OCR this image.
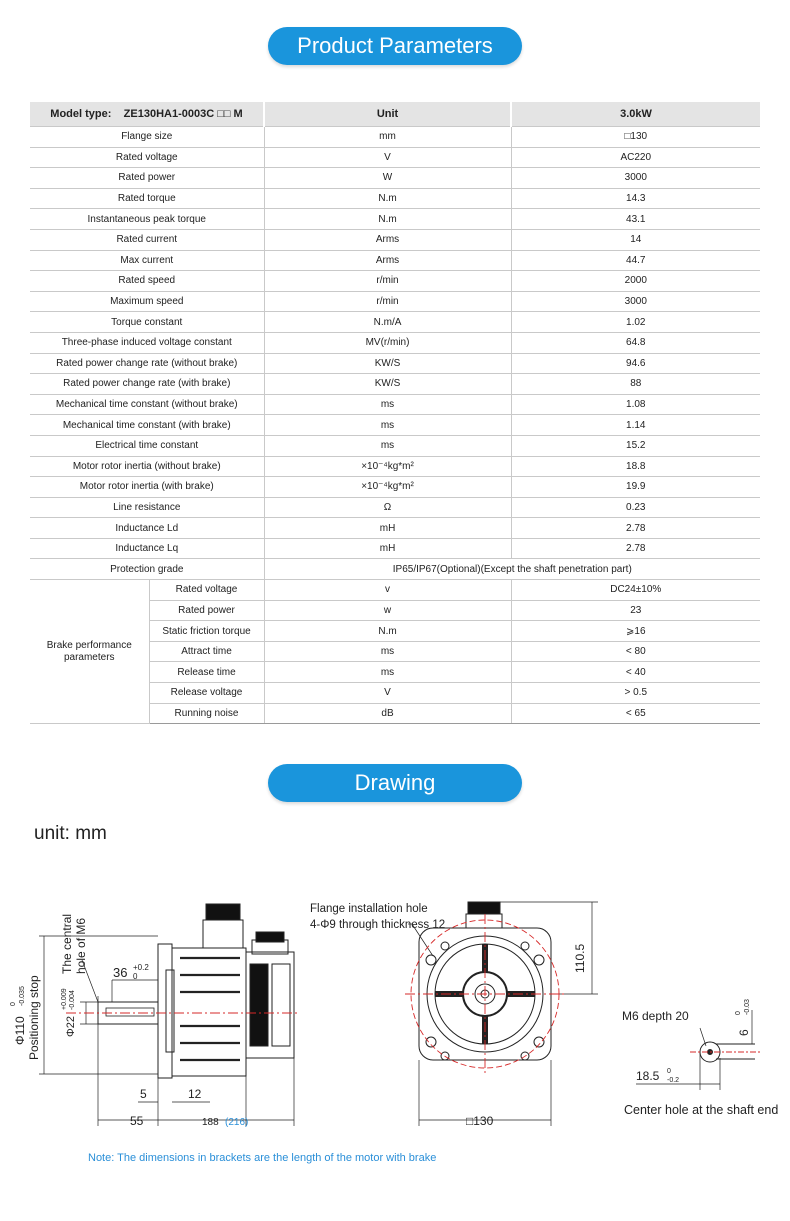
Product Parameters
Model type: ZE130HA1-0003C □□ M		Unit	3.0kW
Flange size		mm	□130
Rated voltage		V	AC220
Rated power		W	3000
Rated torque		N.m	14.3
Instantaneous peak torque		N.m	43.1
Rated current		Arms	14
Max current		Arms	44.7
Rated speed		r/min	2000
Maximum speed		r/min	3000
Torque constant		N.m/A	1.02
Three-phase induced voltage constant		MV(r/min)	64.8
Rated power change rate (without brake)		KW/S	94.6
Rated power change rate (with brake)		KW/S	88
Mechanical time constant (without brake)		ms	1.08
Mechanical time constant (with brake)		ms	1.14
Electrical time constant		ms	15.2
Motor rotor inertia (without brake)		×10⁻⁴kg*m²	18.8
Motor rotor inertia (with brake)		×10⁻⁴kg*m²	19.9
Line resistance		Ω	0.23
Inductance Ld		mH	2.78
Inductance Lq		mH	2.78
Protection grade		IP65/IP67(Optional)(Except the shaft penetration part)	
Brake performance parameters	Rated voltage	v	DC24±10%
	Rated power	w	23
	Static friction torque	N.m	⩾16
	Attract time	ms	< 80
	Release time	ms	< 40
	Release voltage	V	> 0.5
	Running noise	dB	< 65
Drawing
unit: mm
The central hole of M6 36 +0.2
0
Φ22
+0.009 -0.004
Φ110
0 -0.035 Positioning stop
5	12
55	188 (216)
Flange installation hole
4-Φ9 through thickness 12
110.5
□130
M6 depth 20
6
0 -0.03
18.5 0
-0.2
Center hole at the shaft end
Note: The dimensions in brackets are the length of the motor with brake
